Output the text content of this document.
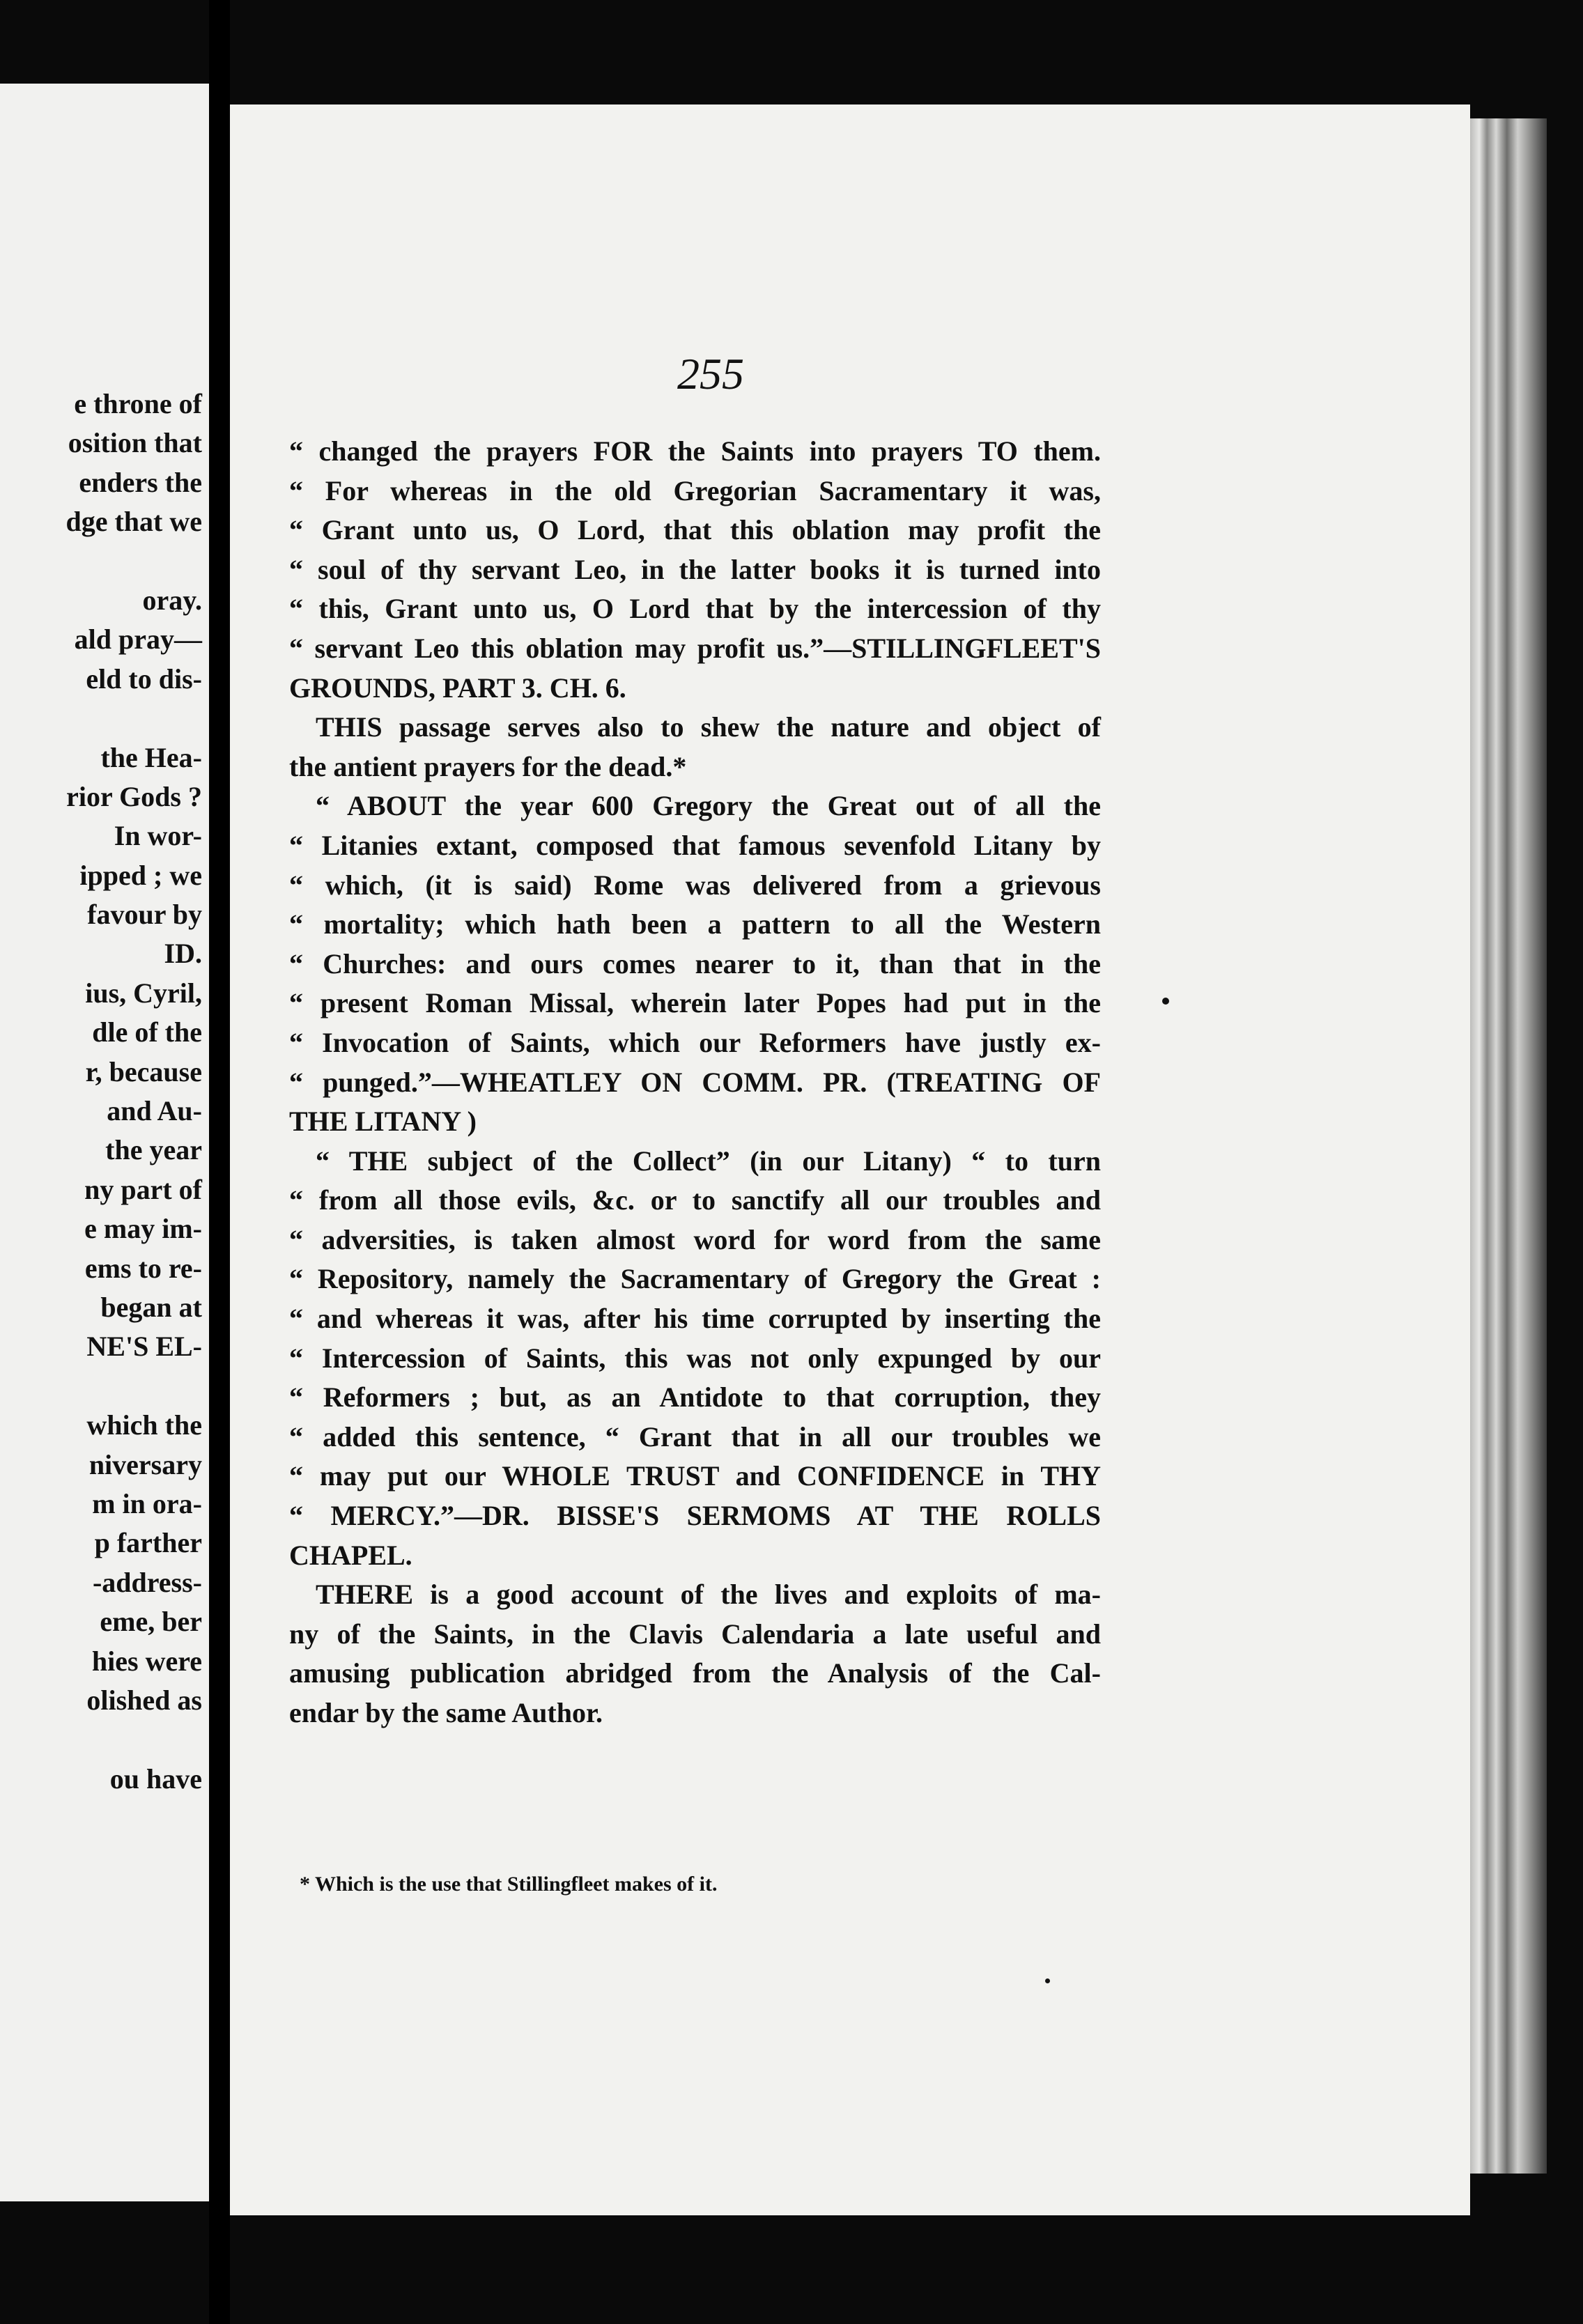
e throne of
osition that
enders the
dge that we
oray.
ald pray—
eld to dis-
the Hea-
rior Gods ?
In wor-
ipped ; we
favour by
ID.
ius, Cyril,
dle of the
r, because
and Au-
the year
ny part of
e may im-
ems to re-
began at
NE'S EL-
which the
niversary
m in ora-
p farther
-address-
eme, ber
hies were
olished as
ou have
255
“ changed the prayers FOR the Saints into prayers TO them.
“ For whereas in the old Gregorian Sacramentary it was,
“ Grant unto us, O Lord, that this oblation may profit the
“ soul of thy servant Leo, in the latter books it is turned into
“ this, Grant unto us, O Lord that by the intercession of thy
“ servant Leo this oblation may profit us.”—STILLINGFLEET'S
GROUNDS, PART 3. CH. 6.
THIS passage serves also to shew the nature and object of
the antient prayers for the dead.*
“ ABOUT the year 600 Gregory the Great out of all the
“ Litanies extant, composed that famous sevenfold Litany by
“ which, (it is said) Rome was delivered from a grievous
“ mortality; which hath been a pattern to all the Western
“ Churches: and ours comes nearer to it, than that in the
“ present Roman Missal, wherein later Popes had put in the
“ Invocation of Saints, which our Reformers have justly ex-
“ punged.”—WHEATLEY ON COMM. PR. (TREATING OF
THE LITANY )
“ THE subject of the Collect” (in our Litany) “ to turn
“ from all those evils, &c. or to sanctify all our troubles and
“ adversities, is taken almost word for word from the same
“ Repository, namely the Sacramentary of Gregory the Great :
“ and whereas it was, after his time corrupted by inserting the
“ Intercession of Saints, this was not only expunged by our
“ Reformers ; but, as an Antidote to that corruption, they
“ added this sentence, “ Grant that in all our troubles we
“ may put our WHOLE TRUST and CONFIDENCE in THY
“ MERCY.”—DR. BISSE'S SERMOMS AT THE ROLLS
CHAPEL.
THERE is a good account of the lives and exploits of ma-
ny of the Saints, in the Clavis Calendaria a late useful and
amusing publication abridged from the Analysis of the Cal-
endar by the same Author.
* Which is the use that Stillingfleet makes of it.
